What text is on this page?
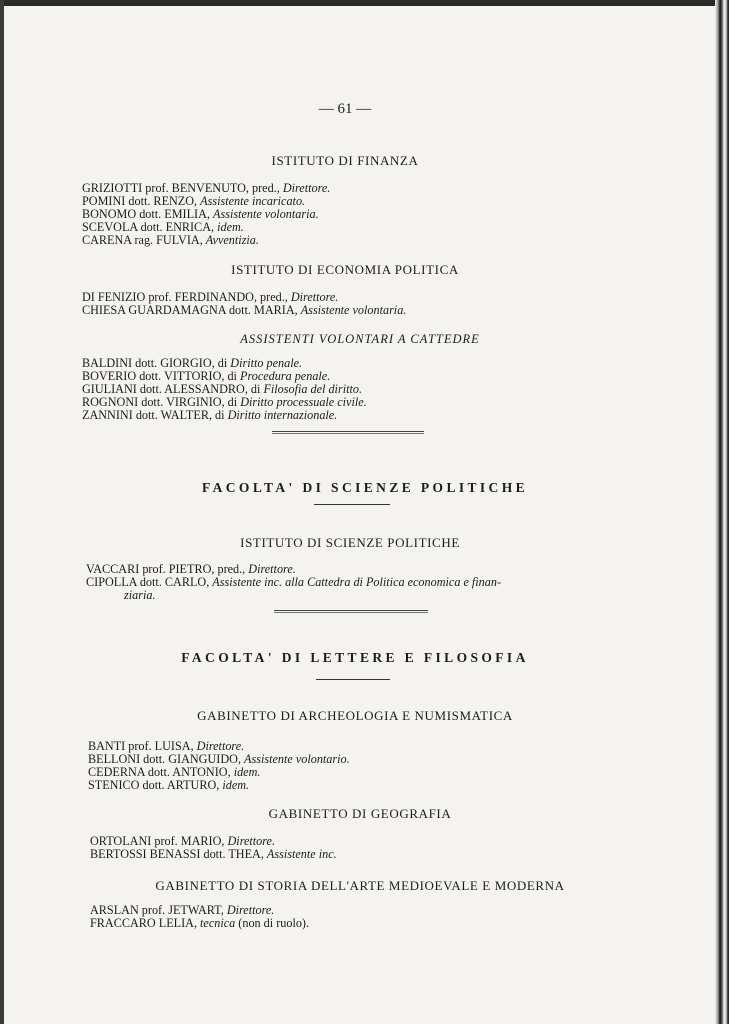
— 61 —
ISTITUTO DI FINANZA
GRIZIOTTI prof. BENVENUTO, pred., Direttore.
POMINI dott. RENZO, Assistente incaricato.
BONOMO dott. EMILIA, Assistente volontaria.
SCEVOLA dott. ENRICA, idem.
CARENA rag. FULVIA, Avventizia.
ISTITUTO DI ECONOMIA POLITICA
DI FENIZIO prof. FERDINANDO, pred., Direttore.
CHIESA GUARDAMAGNA dott. MARIA, Assistente volontaria.
ASSISTENTI VOLONTARI A CATTEDRE
BALDINI dott. GIORGIO, di Diritto penale.
BOVERIO dott. VITTORIO, di Procedura penale.
GIULIANI dott. ALESSANDRO, di Filosofia del diritto.
ROGNONI dott. VIRGINIO, di Diritto processuale civile.
ZANNINI dott. WALTER, di Diritto internazionale.
FACOLTA' DI SCIENZE POLITICHE
ISTITUTO DI SCIENZE POLITICHE
VACCARI prof. PIETRO, pred., Direttore.
CIPOLLA dott. CARLO, Assistente inc. alla Cattedra di Politica economica e finan-
ziaria.
FACOLTA' DI LETTERE E FILOSOFIA
GABINETTO DI ARCHEOLOGIA E NUMISMATICA
BANTI prof. LUISA, Direttore.
BELLONI dott. GIANGUIDO, Assistente volontario.
CEDERNA dott. ANTONIO, idem.
STENICO dott. ARTURO, idem.
GABINETTO DI GEOGRAFIA
ORTOLANI prof. MARIO, Direttore.
BERTOSSI BENASSI dott. THEA, Assistente inc.
GABINETTO DI STORIA DELL'ARTE MEDIOEVALE E MODERNA
ARSLAN prof. JETWART, Direttore.
FRACCARO LELIA, tecnica (non di ruolo).
